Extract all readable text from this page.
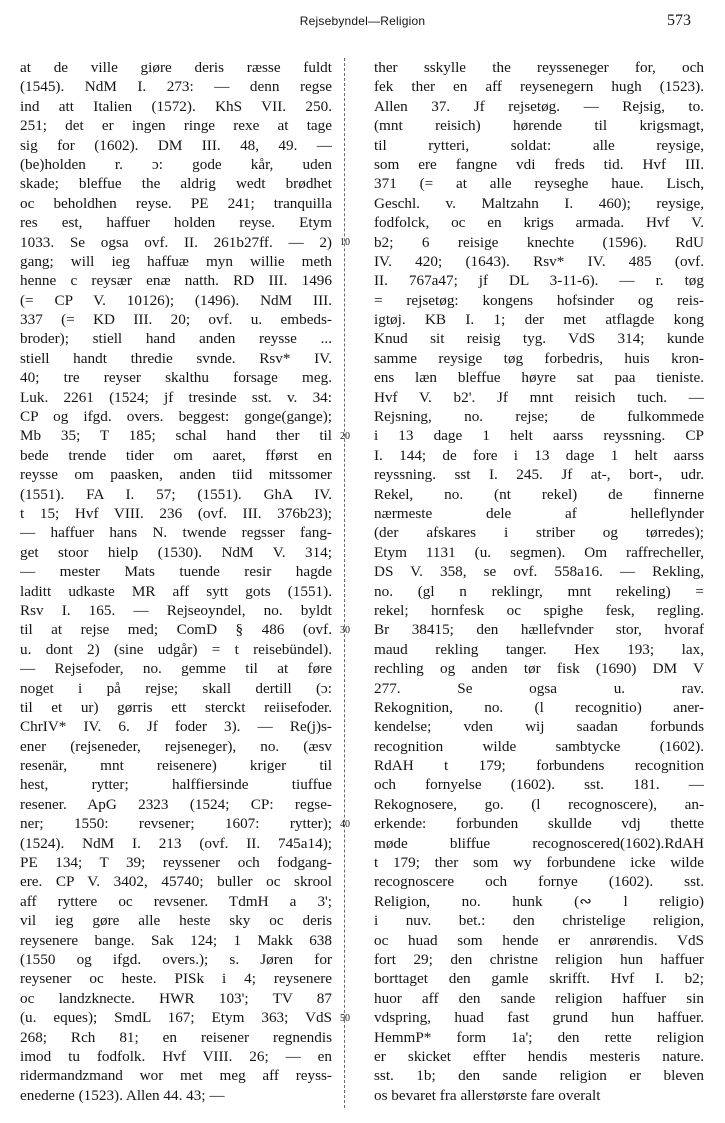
Rejsebyndel—Religion	573
at de ville giøre deris ræsse fuldt
(1545). NdM I. 273: — denn regse
ind att Italien (1572). KhS VII. 250.
251; det er ingen ringe rexe at tage
sig for (1602). DM III. 48, 49. —
(be)holden r. ɔ: gode kår, uden
skade; bleffue the aldrig wedt brødhet
oc beholdhen reyse. PE 241; tranquilla
res est, haffuer holden reyse. Etym
1033. Se ogsa ovf. II. 261b27ff. — 2)
gang; will ieg haffuæ myn willie meth
henne c reysær enæ natth. RD III. 1496
(= CP V. 10126); (1496). NdM III.
337 (= KD III. 20; ovf. u. embeds-
broder); stiell hand anden reysse ...
stiell handt thredie svnde. Rsv* IV.
40; tre reyser skalthu forsage meg.
Luk. 2261 (1524; jf tresinde sst. v. 34:
CP og ifgd. overs. beggest: gonge(gange);
Mb 35; T 185; schal hand ther til
bede trende tider om aaret, fførst en
reysse om paasken, anden tiid mitssomer
(1551). FA I. 57; (1551). GhA IV.
t 15; Hvf VIII. 236 (ovf. III. 376b23);
— haffuer hans N. twende regsser fang-
get stoor hielp (1530). NdM V. 314;
— mester Mats tuende resir hagde
laditt udkaste MR aff sytt gots (1551).
Rsv I. 165. — Rejseoyndel, no. byldt
til at rejse med; ComD § 486 (ovf.
u. dont 2) (sine udgår) = t reisebündel).
— Rejsefoder, no. gemme til at føre
noget i på rejse; skall dertill (ɔ:
til et ur) gørris ett sterckt reiisefoder.
ChrIV* IV. 6. Jf foder 3). — Re(j)s-
ener (rejseneder, rejseneger), no. (æsv
resenär, mnt reisenere) kriger til
hest, rytter; halffiersinde tiuffue
resener. ApG 2323 (1524; CP: regse-
ner; 1550: revsener; 1607: rytter);
(1524). NdM I. 213 (ovf. II. 745a14);
PE 134; T 39; reyssener och fodgang-
ere. CP V. 3402, 45740; buller oc skrool
aff ryttere oc revsener. TdmH a 3';
vil ieg gøre alle heste sky oc deris
reysenere bange. Sak 124; 1 Makk 638
(1550 og ifgd. overs.); s. Jøren for
reysener oc heste. PISk i 4; reysenere
oc landzknecte. HWR 103'; TV 87
(u. eques); SmdL 167; Etym 363; VdS
268; Rch 81; en reisener regnendis
imod tu fodfolk. Hvf VIII. 26; — en
ridermandzmand wor met meg aff reyss-
enederne (1523). Allen 44. 43; —
ther sskylle the reysseneger for, och
fek ther en aff reysenegern hugh (1523).
Allen 37. Jf rejsetøg. — Rejsig, to.
(mnt reisich) hørende til krigsmagt,
til rytteri, soldat: alle reysige,
som ere fangne vdi freds tid. Hvf III.
371 (= at alle reyseghe haue. Lisch,
Geschl. v. Maltzahn I. 460); reysige,
fodfolck, oc en krigs armada. Hvf V.
b2; 6 reisige knechte (1596). RdU
IV. 420; (1643). Rsv* IV. 485 (ovf.
II. 767a47; jf DL 3-11-6). — r. tøg
= rejsetøg: kongens hofsinder og reis-
igtøj. KB I. 1; der met atflagde kong
Knud sit reisig tyg. VdS 314; kunde
samme reysige tøg forbedris, huis kron-
ens læn bleffue høyre sat paa tieniste.
Hvf V. b2'. Jf mnt reisich tuch. —
Rejsning, no. rejse; de fulkommede
i 13 dage 1 helt aarss reyssning. CP
I. 144; de fore i 13 dage 1 helt aarss
reyssning. sst I. 245. Jf at-, bort-, udr.
Rekel, no. (nt rekel) de finnerne
nærmeste dele af helleflynder
(der afskares i striber og tørredes);
Etym 1131 (u. segmen). Om raffrecheller,
DS V. 358, se ovf. 558a16. — Rekling,
no. (gl n reklingr, mnt rekeling) =
rekel; hornfesk oc spighe fesk, regling.
Br 38415; den hællefvnder stor, hvoraf
maud rekling tanger. Hex 193; lax,
rechling og anden tør fisk (1690) DM V
277. Se ogsa u. rav.
Rekognition, no. (l recognitio) aner-
kendelse; vden wij saadan forbunds
recognition wilde sambtycke (1602).
RdAH t 179; forbundens recognition
och fornyelse (1602). sst. 181. —
Rekognosere, go. (l recognoscere), an-
erkende: forbunden skullde vdj thette
møde bliffue recognoscered(1602).RdAH
t 179; ther som wy forbundene icke wilde
recognoscere och fornye (1602). sst.
Religion, no. hunk (∾ l religio)
i nuv. bet.: den christelige religion,
oc huad som hende er anrørendis. VdS
fort 29; den christne religion hun haffuer
borttaget den gamle skrifft. Hvf I. b2;
huor aff den sande religion haffuer sin
vdspring, huad fast grund hun haffuer.
HemmP* form 1a'; den rette religion
er skicket effter hendis mesteris nature.
sst. 1b; den sande religion er bleven
os bevaret fra allerstørste fare overalt
10
20
30
40
50
